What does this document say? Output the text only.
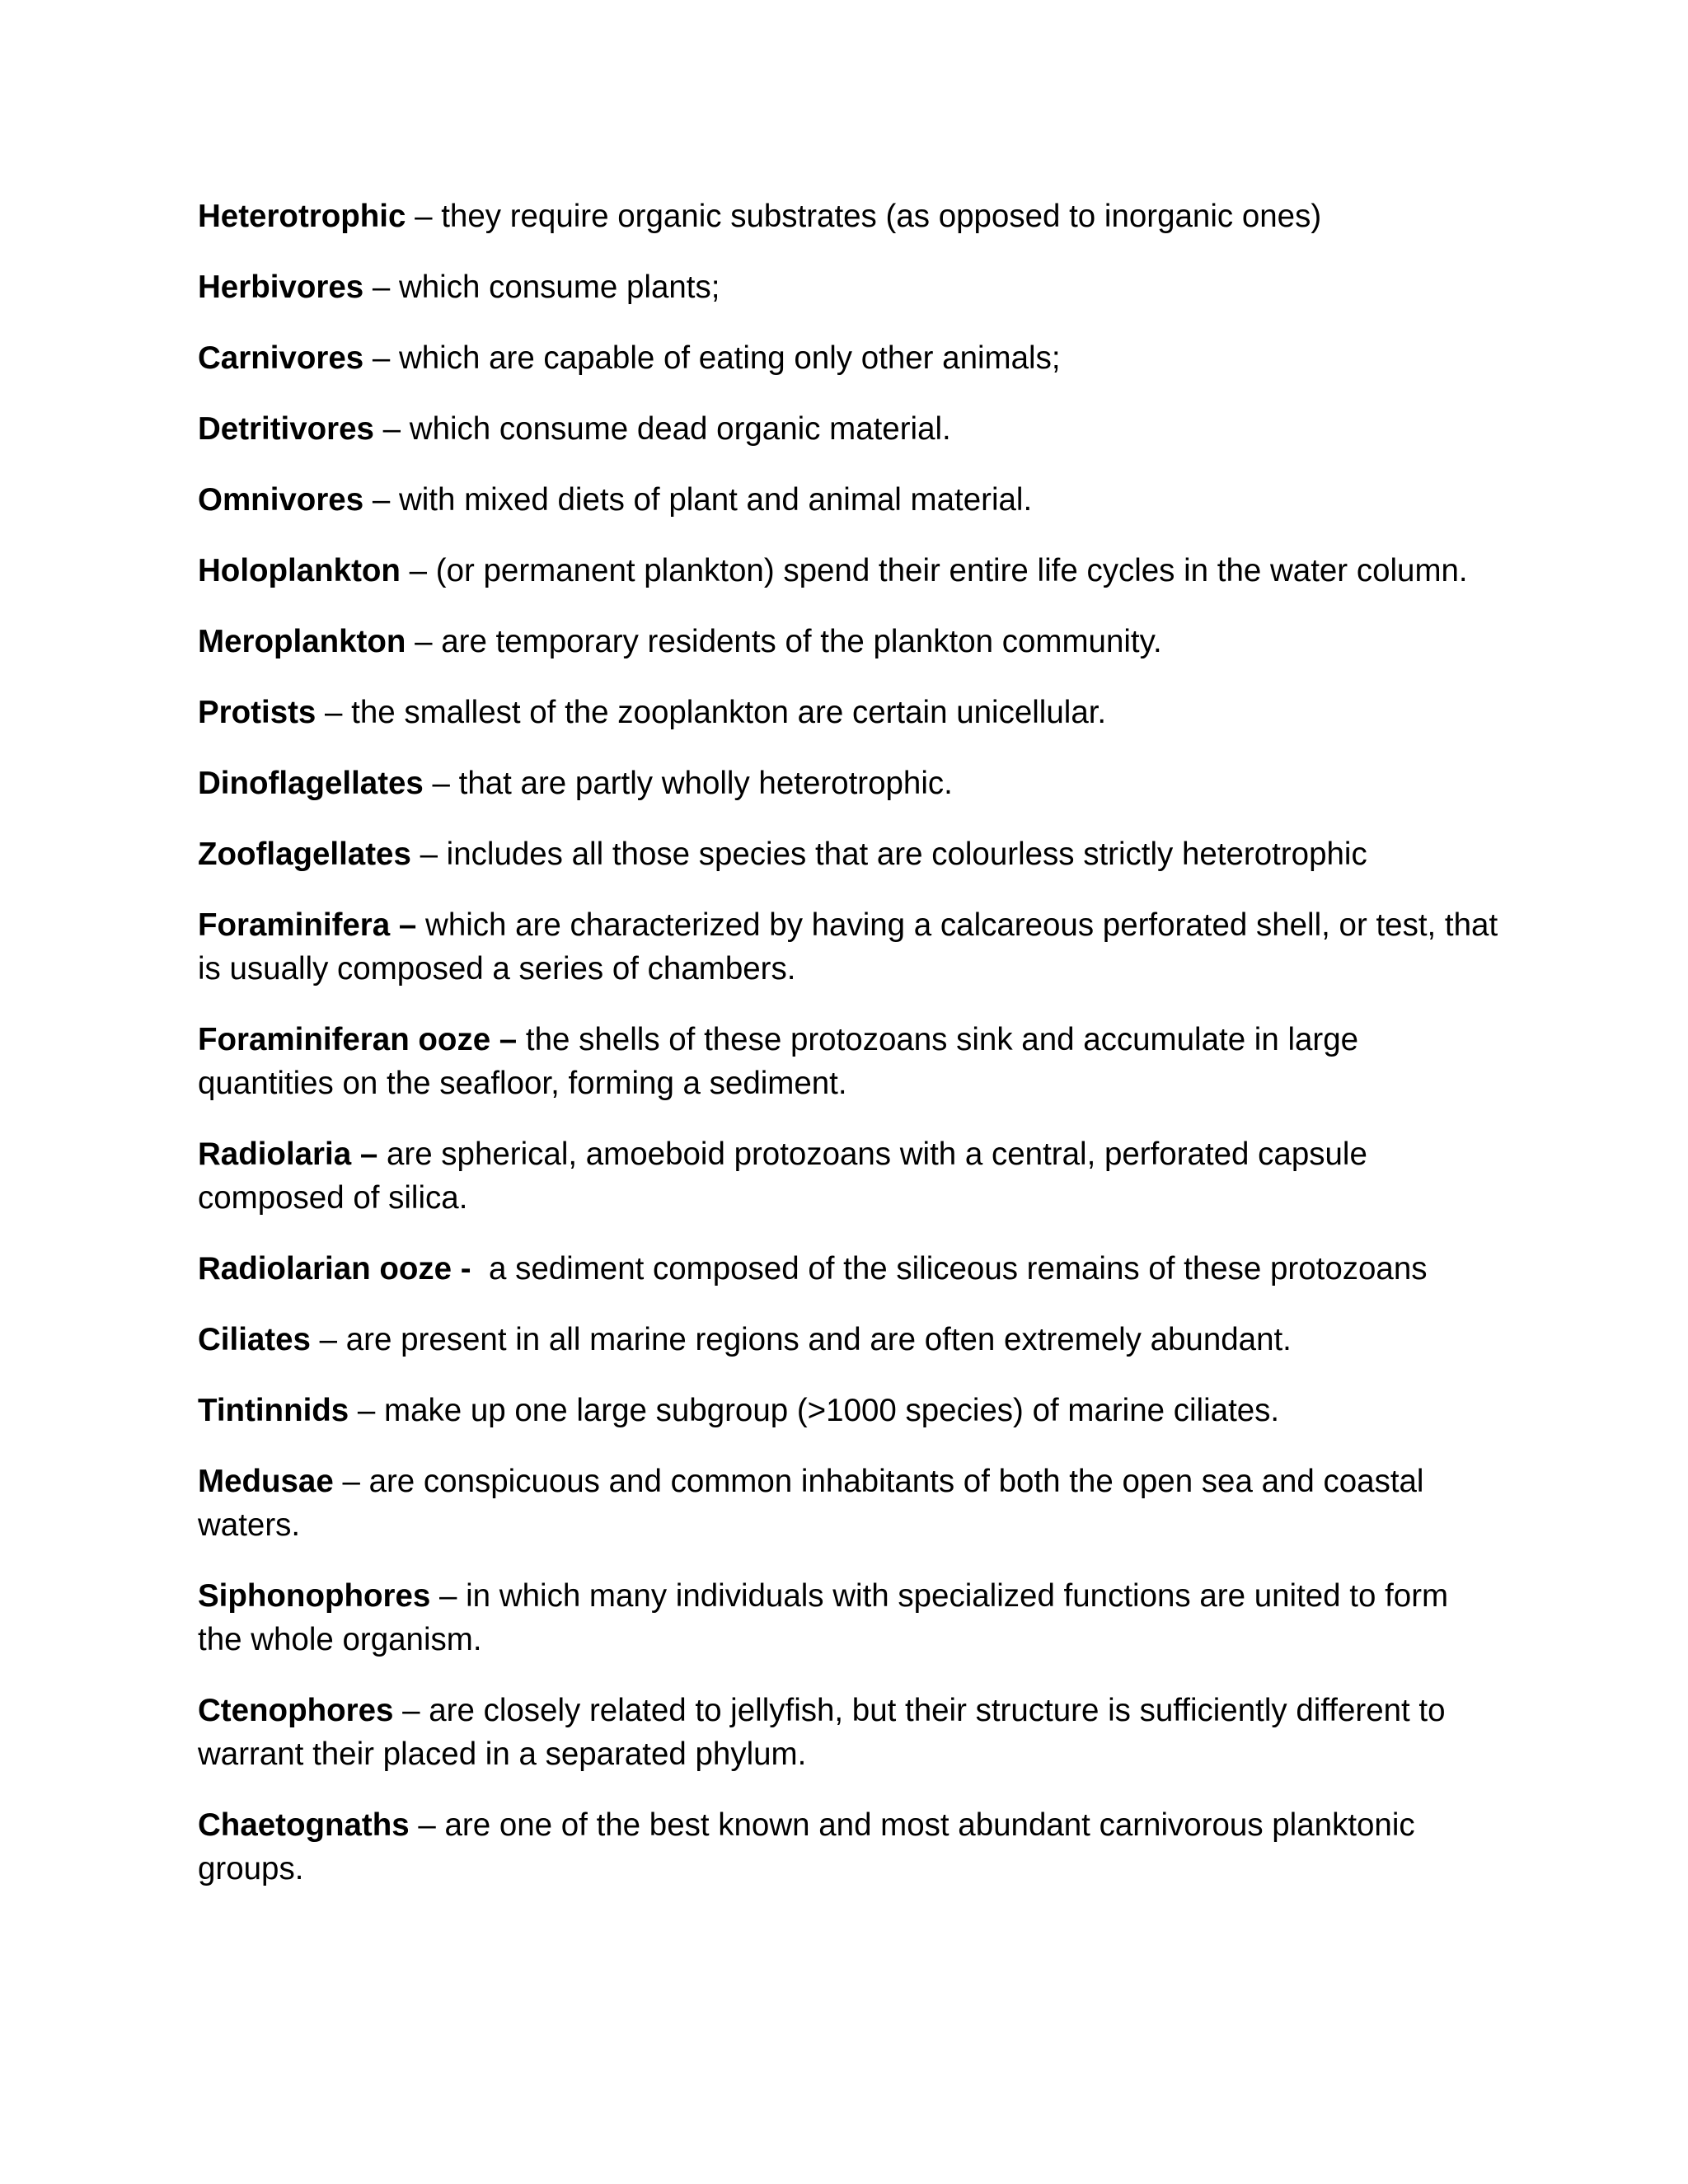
Heterotrophic – they require organic substrates (as opposed to inorganic ones)

Herbivores – which consume plants;

Carnivores – which are capable of eating only other animals;

Detritivores – which consume dead organic material.

Omnivores – with mixed diets of plant and animal material.

Holoplankton – (or permanent plankton) spend their entire life cycles in the water column.

Meroplankton – are temporary residents of the plankton community.

Protists – the smallest of the zooplankton are certain unicellular.

Dinoflagellates – that are partly wholly heterotrophic.

Zooflagellates – includes all those species that are colourless strictly heterotrophic

Foraminifera – which are characterized by having a calcareous perforated shell, or test, that is usually composed a series of chambers.

Foraminiferan ooze – the shells of these protozoans sink and accumulate in large quantities on the seafloor, forming a sediment.

Radiolaria – are spherical, amoeboid protozoans with a central, perforated capsule composed of silica.

Radiolarian ooze -  a sediment composed of the siliceous remains of these protozoans

Ciliates – are present in all marine regions and are often extremely abundant.

Tintinnids – make up one large subgroup (>1000 species) of marine ciliates.

Medusae – are conspicuous and common inhabitants of both the open sea and coastal waters.

Siphonophores – in which many individuals with specialized functions are united to form the whole organism.

Ctenophores – are closely related to jellyfish, but their structure is sufficiently different to warrant their placed in a separated phylum.

Chaetognaths – are one of the best known and most abundant carnivorous planktonic groups.
